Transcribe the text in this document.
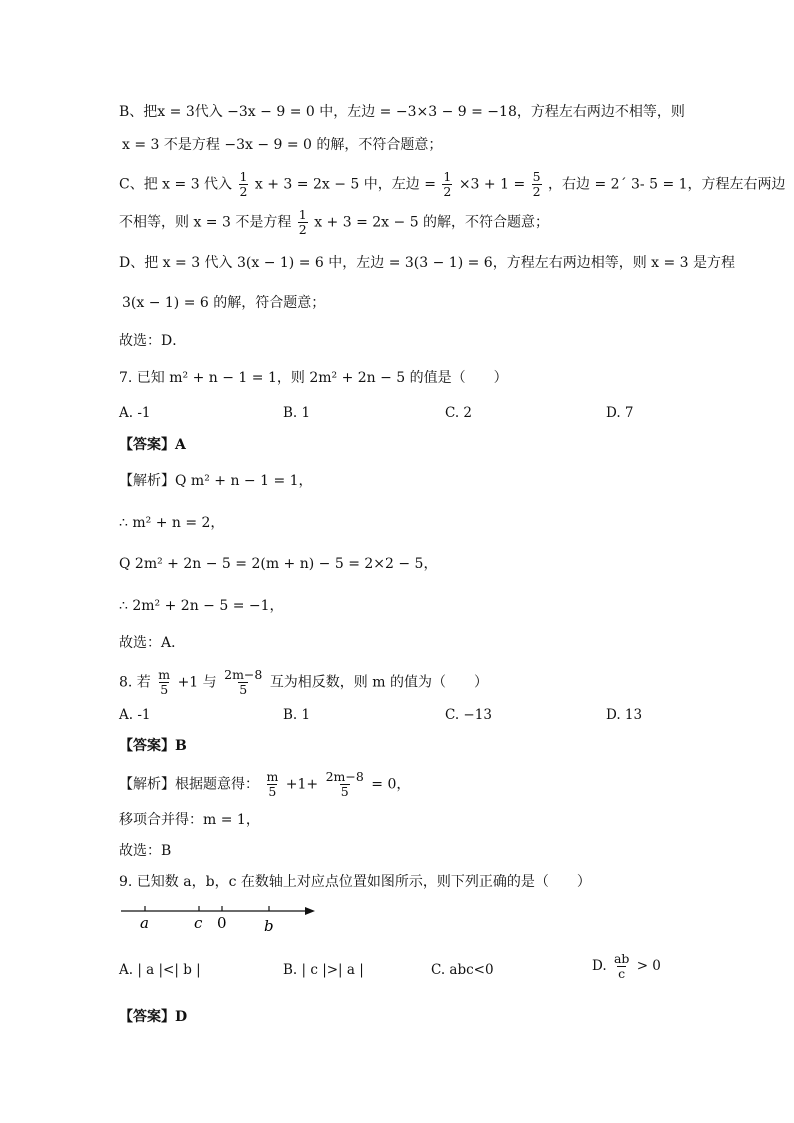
B、把x = 3代入 −3x − 9 = 0 中，左边 = −3×3 − 9 = −18，方程左右两边不相等，则
x = 3 不是方程 −3x − 9 = 0 的解，不符合题意；
C、把 x = 3 代入 $\frac{1}{2}$ x + 3 = 2x − 5 中，左边 = $\frac{1}{2} \times 3 + 1 = \frac{5}{2}$ ，右边 = 2´ 3- 5 = 1，方程左右两边
不相等，则 x = 3 不是方程 $\frac{1}{2}$ x + 3 = 2x − 5 的解，不符合题意；
D、把 x = 3 代入 3(x − 1) = 6 中，左边 = 3(3 − 1) = 6，方程左右两边相等，则 x = 3 是方程
3(x − 1) = 6 的解，符合题意；
故选：D．
7. 已知 m² + n − 1 = 1，则 2m² + 2n − 5 的值是（　　）
A. -1	B. 1	C. 2	D. 7
【答案】A
【解析】Q m² + n − 1 = 1，
∴ m² + n = 2，
Q 2m² + 2n − 5 = 2(m + n) − 5 = 2×2 − 5，
∴ 2m² + 2n − 5 = −1，
故选：A．
8. 若 $\frac{m}{5} +1$ 与 $\frac{2m-8}{5}$ 互为相反数，则 m 的值为（　　）
A. -1	B. 1	C. −13	D. 13
【答案】B
【解析】根据题意得： $\frac{m}{5} +1+ \frac{2m-8}{5} = 0$，
移项合并得：m = 1，
故选：B
9. 已知数 a，b，c 在数轴上对应点位置如图所示，则下列正确的是（　　）
a	c 0 b
A. | a |<| b |	B. | c |>| a |	C. abc<0	D. $\frac{ab}{c} > 0$
【答案】D
